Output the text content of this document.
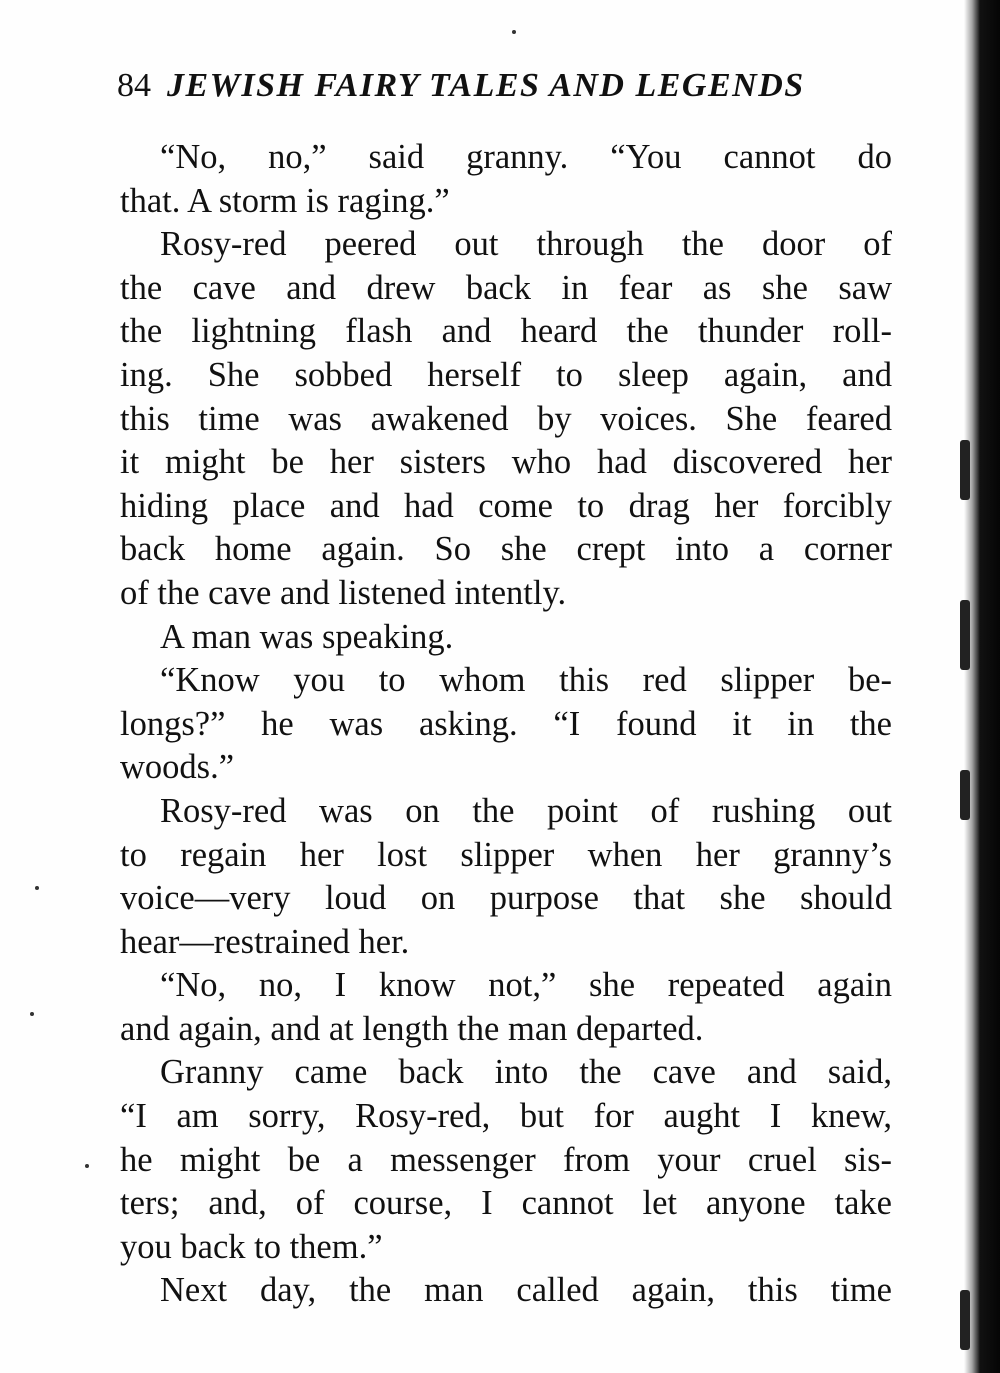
84 JEWISH FAIRY TALES AND LEGENDS
“No, no,” said granny. “You cannot do
that. A storm is raging.”
Rosy-red peered out through the door of
the cave and drew back in fear as she saw
the lightning flash and heard the thunder roll-
ing. She sobbed herself to sleep again, and
this time was awakened by voices. She feared
it might be her sisters who had discovered her
hiding place and had come to drag her forcibly
back home again. So she crept into a corner
of the cave and listened intently.
A man was speaking.
“Know you to whom this red slipper be-
longs?” he was asking. “I found it in the
woods.”
Rosy-red was on the point of rushing out
to regain her lost slipper when her granny’s
voice—very loud on purpose that she should
hear—restrained her.
“No, no, I know not,” she repeated again
and again, and at length the man departed.
Granny came back into the cave and said,
“I am sorry, Rosy-red, but for aught I knew,
he might be a messenger from your cruel sis-
ters; and, of course, I cannot let anyone take
you back to them.”
Next day, the man called again, this time
